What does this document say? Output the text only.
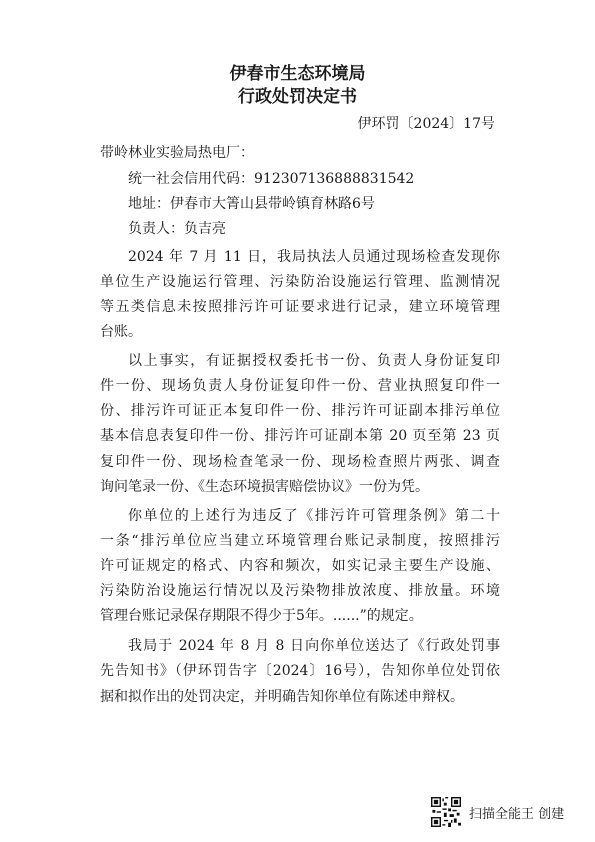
伊春市生态环境局
行政处罚决定书
伊环罚〔2024〕17号
带岭林业实验局热电厂：
统一社会信用代码：912307136888831542
地址：伊春市大箐山县带岭镇育林路6号
负责人：负吉亮
2024 年 7 月 11 日，我局执法人员通过现场检查发现你
单位生产设施运行管理、污染防治设施运行管理、监测情况
等五类信息未按照排污许可证要求进行记录，建立环境管理
台账。
以上事实，有证据授权委托书一份、负责人身份证复印
件一份、现场负责人身份证复印件一份、营业执照复印件一
份、排污许可证正本复印件一份、排污许可证副本排污单位
基本信息表复印件一份、排污许可证副本第 20 页至第 23 页
复印件一份、现场检查笔录一份、现场检查照片两张、调查
询问笔录一份、《生态环境损害赔偿协议》一份为凭。
你单位的上述行为违反了《排污许可管理条例》第二十
一条“排污单位应当建立环境管理台账记录制度，按照排污
许可证规定的格式、内容和频次，如实记录主要生产设施、
污染防治设施运行情况以及污染物排放浓度、排放量。环境
管理台账记录保存期限不得少于5年。......”的规定。
我局于 2024 年 8 月 8 日向你单位送达了《行政处罚事
先告知书》（伊环罚告字〔2024〕16号），告知你单位处罚依
据和拟作出的处罚决定，并明确告知你单位有陈述申辩权。
扫描全能王 创建
